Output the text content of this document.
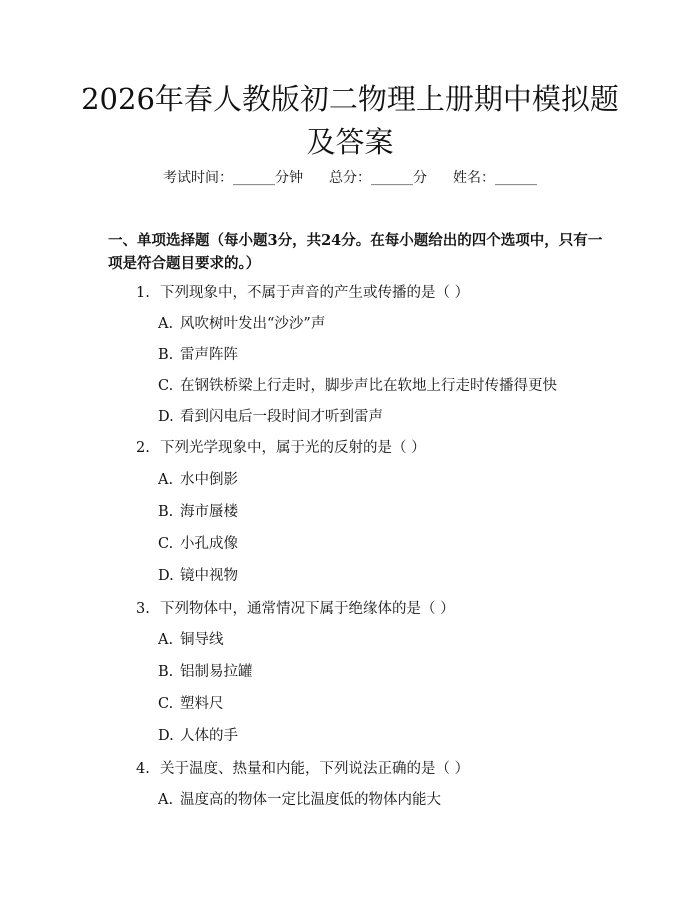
2026年春人教版初二物理上册期中模拟题及答案
考试时间：______分钟 总分：______分 姓名：______
一、单项选择题（每小题3分，共24分。在每小题给出的四个选项中，只有一项是符合题目要求的。）
1. 下列现象中，不属于声音的产生或传播的是（ ）
A. 风吹树叶发出“沙沙”声
B. 雷声阵阵
C. 在钢铁桥梁上行走时，脚步声比在软地上行走时传播得更快
D. 看到闪电后一段时间才听到雷声
2. 下列光学现象中，属于光的反射的是（ ）
A. 水中倒影
B. 海市蜃楼
C. 小孔成像
D. 镜中视物
3. 下列物体中，通常情况下属于绝缘体的是（ ）
A. 铜导线
B. 铝制易拉罐
C. 塑料尺
D. 人体的手
4. 关于温度、热量和内能，下列说法正确的是（ ）
A. 温度高的物体一定比温度低的物体内能大
